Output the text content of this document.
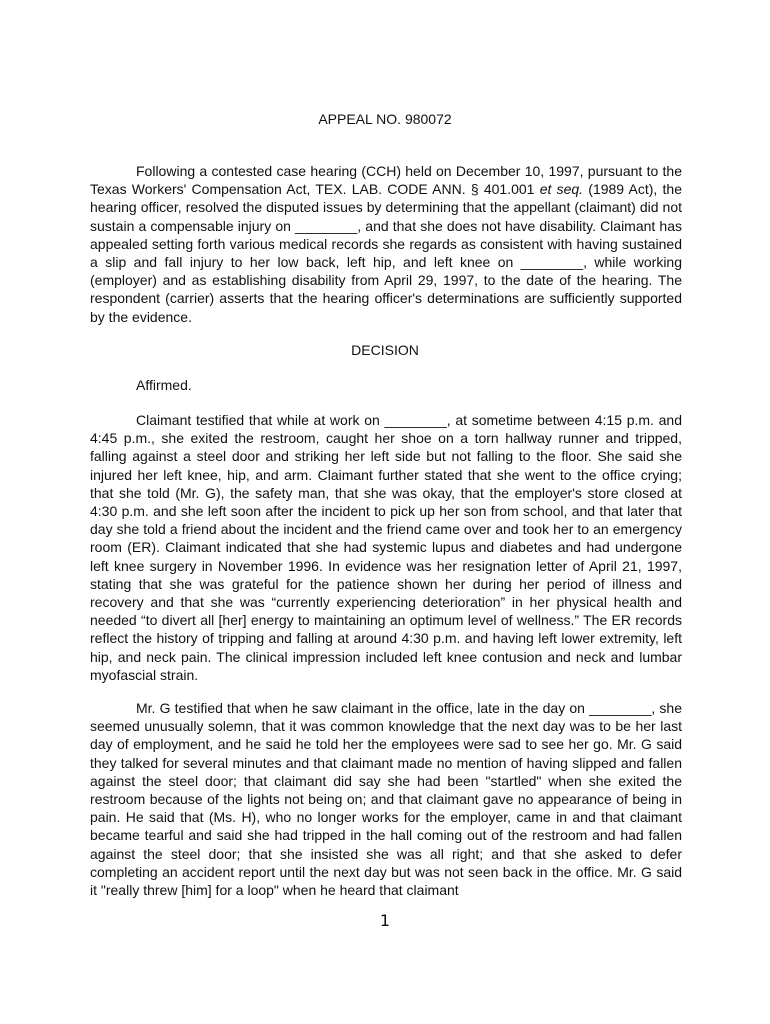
APPEAL NO. 980072

Following a contested case hearing (CCH) held on December 10, 1997, pursuant to the Texas Workers' Compensation Act, TEX. LAB. CODE ANN. § 401.001 et seq. (1989 Act), the hearing officer, resolved the disputed issues by determining that the appellant (claimant) did not sustain a compensable injury on ________, and that she does not have disability. Claimant has appealed setting forth various medical records she regards as consistent with having sustained a slip and fall injury to her low back, left hip, and left knee on ________, while working (employer) and as establishing disability from April 29, 1997, to the date of the hearing. The respondent (carrier) asserts that the hearing officer's determinations are sufficiently supported by the evidence.

DECISION
Affirmed.

Claimant testified that while at work on ________, at sometime between 4:15 p.m. and 4:45 p.m., she exited the restroom, caught her shoe on a torn hallway runner and tripped, falling against a steel door and striking her left side but not falling to the floor. She said she injured her left knee, hip, and arm. Claimant further stated that she went to the office crying; that she told (Mr. G), the safety man, that she was okay, that the employer's store closed at 4:30 p.m. and she left soon after the incident to pick up her son from school, and that later that day she told a friend about the incident and the friend came over and took her to an emergency room (ER). Claimant indicated that she had systemic lupus and diabetes and had undergone left knee surgery in November 1996. In evidence was her resignation letter of April 21, 1997, stating that she was grateful for the patience shown her during her period of illness and recovery and that she was “currently experiencing deterioration” in her physical health and needed “to divert all [her] energy to maintaining an optimum level of wellness.” The ER records reflect the history of tripping and falling at around 4:30 p.m. and having left lower extremity, left hip, and neck pain. The clinical impression included left knee contusion and neck and lumbar myofascial strain.

Mr. G testified that when he saw claimant in the office, late in the day on ________, she seemed unusually solemn, that it was common knowledge that the next day was to be her last day of employment, and he said he told her the employees were sad to see her go. Mr. G said they talked for several minutes and that claimant made no mention of having slipped and fallen against the steel door; that claimant did say she had been "startled" when she exited the restroom because of the lights not being on; and that claimant gave no appearance of being in pain. He said that (Ms. H), who no longer works for the employer, came in and that claimant became tearful and said she had tripped in the hall coming out of the restroom and had fallen against the steel door; that she insisted she was all right; and that she asked to defer completing an accident report until the next day but was not seen back in the office. Mr. G said it "really threw [him] for a loop" when he heard that claimant

1
